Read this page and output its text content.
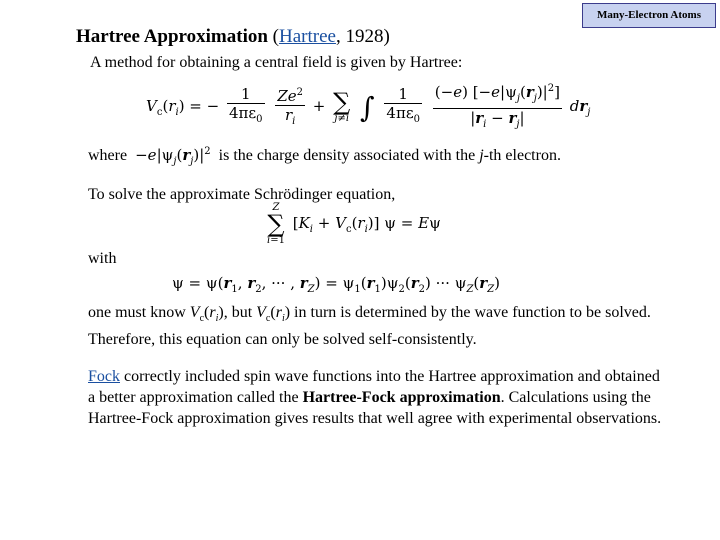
Many-Electron Atoms
Hartree Approximation (Hartree, 1928)
A method for obtaining a central field is given by Hartree:
$V_c(r_i)$ = − $\frac{1}{4\pi\varepsilon_0}$
$\frac{Ze^2}{r_i}$ + ∑
j≠i ∫ $\frac{1}{4\pi\varepsilon_0}$
$\frac{(-e) [-e|\psi_j(r_j)|^2]}{|r_i - r_j|} dr_j$
where $-e|\psi_j(r_j)|^2$ is the charge density associated with the j-th electron.
To solve the approximate Schrödinger equation,
Z
∑
i=1
$[K_i + V_c(r_i)] \psi = E\psi$
with
$\psi = \psi(r_1$, $r_2$, ··· , $r_Z) = \psi_1(r_1)\psi_2(r_2)$ ··· $\psi_Z(r_Z)$
one must know $V_c(r_i)$, but $V_c(r_i)$ in turn is determined by the wave function to be solved. Therefore, this equation can only be solved self-consistently.
Fock correctly included spin wave functions into the Hartree approximation and obtained a better approximation called the Hartree-Fock approximation. Calculations using the Hartree-Fock approximation gives results that well agree with experimental observations.
